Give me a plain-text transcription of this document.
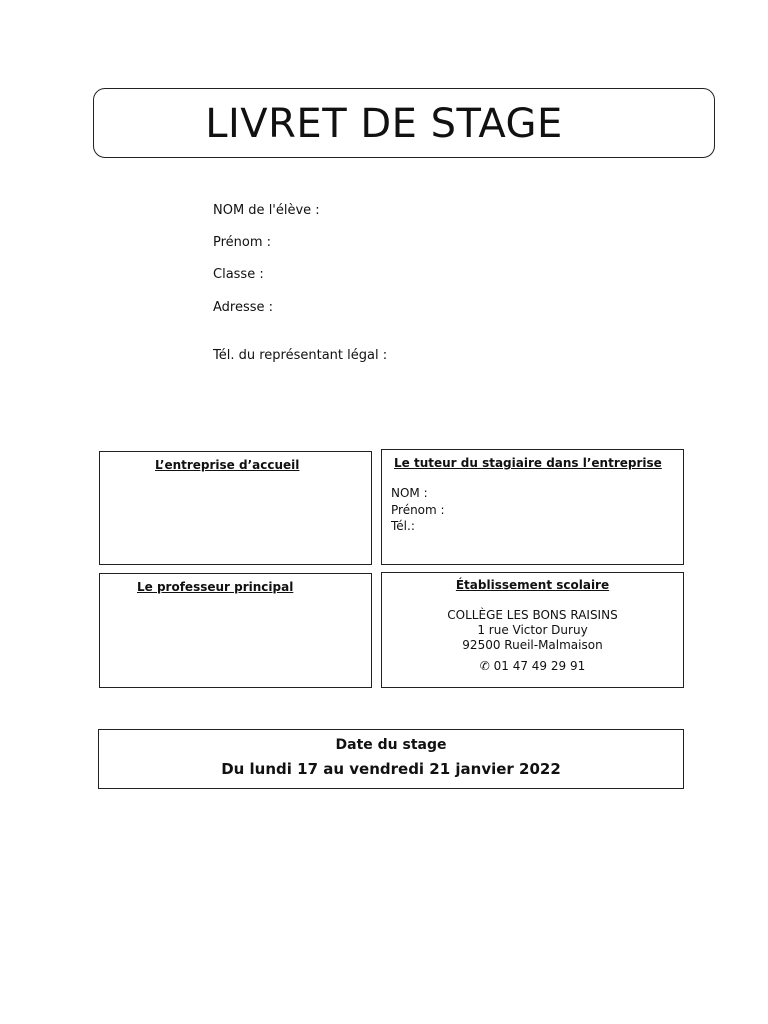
LIVRET DE STAGE
NOM de l'élève :
Prénom :
Classe :
Adresse :
Tél. du représentant légal :
L’entreprise d’accueil	Le tuteur du stagiaire dans l’entreprise
NOM :
Prénom :
Tél.:
Le professeur principal	Établissement scolaire
COLLÈGE LES BONS RAISINS
1 rue Victor Duruy
92500 Rueil-Malmaison
✆ 01 47 49 29 91
Date du stage
Du lundi 17 au vendredi 21 janvier 2022
